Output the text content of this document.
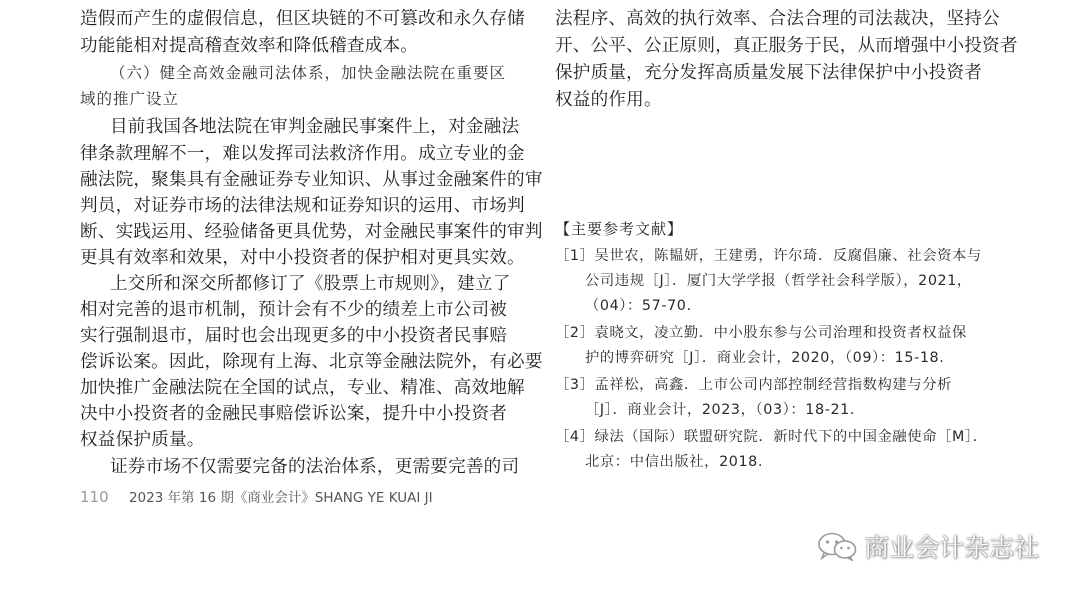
造假而产生的虚假信息，但区块链的不可篡改和永久存储
功能能相对提高稽查效率和降低稽查成本。
（六）健全高效金融司法体系，加快金融法院在重要区
域的推广设立
目前我国各地法院在审判金融民事案件上，对金融法
律条款理解不一，难以发挥司法救济作用。成立专业的金
融法院，聚集具有金融证券专业知识、从事过金融案件的审
判员，对证券市场的法律法规和证券知识的运用、市场判
断、实践运用、经验储备更具优势，对金融民事案件的审判
更具有效率和效果，对中小投资者的保护相对更具实效。
上交所和深交所都修订了《股票上市规则》，建立了
相对完善的退市机制，预计会有不少的绩差上市公司被
实行强制退市，届时也会出现更多的中小投资者民事赔
偿诉讼案。因此，除现有上海、北京等金融法院外，有必要
加快推广金融法院在全国的试点，专业、精准、高效地解
决中小投资者的金融民事赔偿诉讼案，提升中小投资者
权益保护质量。
证券市场不仅需要完备的法治体系，更需要完善的司
法程序、高效的执行效率、合法合理的司法裁决，坚持公
开、公平、公正原则，真正服务于民，从而增强中小投资者
保护质量，充分发挥高质量发展下法律保护中小投资者
权益的作用。
【主要参考文献】
［1］吴世农，陈韫妍，王建勇，许尔琦．反腐倡廉、社会资本与
公司违规［J］．厦门大学学报（哲学社会科学版），2021，
（04）：57-70.
［2］袁晓文，凌立勤．中小股东参与公司治理和投资者权益保
护的博弈研究［J］．商业会计，2020，（09）：15-18.
［3］孟祥松，高鑫．上市公司内部控制经营指数构建与分析
［J］．商业会计，2023，（03）：18-21.
［4］绿法（国际）联盟研究院．新时代下的中国金融使命［M］．
北京：中信出版社，2018.
110 2023 年第 16 期《商业会计》SHANG YE KUAI JI
商业会计杂志社
